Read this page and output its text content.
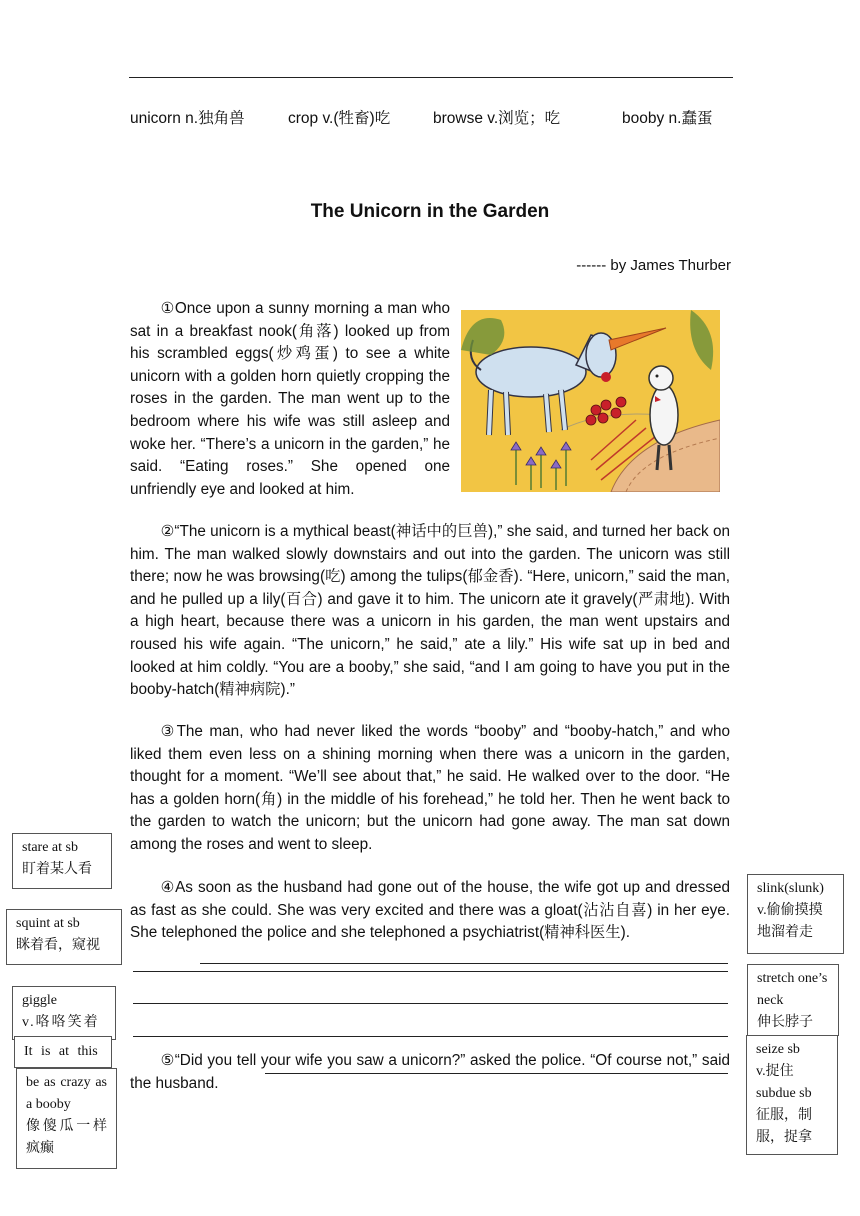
unicorn n.独角兽	crop v.(牲畜)吃	browse v.浏览；吃	booby n.蠢蛋
The Unicorn in the Garden
------ by James Thurber

①Once upon a sunny morning a man who sat in a breakfast nook(角落) looked up from his scrambled eggs(炒鸡蛋) to see a white unicorn with a golden horn quietly cropping the roses in the garden. The man went up to the bedroom where his wife was still asleep and woke her. “There’s a unicorn in the garden,” he said. “Eating roses.” She opened one unfriendly eye and looked at him.

②“The unicorn is a mythical beast(神话中的巨兽),” she said, and turned her back on him. The man walked slowly downstairs and out into the garden. The unicorn was still there; now he was browsing(吃) among the tulips(郁金香). “Here, unicorn,” said the man, and he pulled up a lily(百合) and gave it to him. The unicorn ate it gravely(严肃地). With a high heart, because there was a unicorn in his garden, the man went upstairs and roused his wife again. “The unicorn,” he said,” ate a lily.” His wife sat up in bed and looked at him coldly. “You are a booby,” she said, “and I am going to have you put in the booby-hatch(精神病院).”

③The man, who had never liked the words “booby” and “booby-hatch,” and who liked them even less on a shining morning when there was a unicorn in the garden, thought for a moment. “We’ll see about that,” he said. He walked over to the door. “He has a golden horn(角) in the middle of his forehead,” he told her. Then he went back to the garden to watch the unicorn; but the unicorn had gone away. The man sat down among the roses and went to sleep.

④As soon as the husband had gone out of the house, the wife got up and dressed as fast as she could. She was very excited and there was a gloat(沾沾自喜) in her eye. She telephoned the police and she telephoned a psychiatrist(精神科医生).

⑤“Did you tell your wife you saw a unicorn?” asked the police. “Of course not,” said the husband.

stare at sb
盯着某人看
squint at sb
眯着看，窥视
giggle
v.咯咯笑着
It is at this
be as crazy as a booby
像傻瓜一样疯癫
slink(slunk)
v.偷偷摸摸地溜着走
stretch one’s neck
伸长脖子
seize sb
v.捉住
subdue sb
征服，制服，捉拿
